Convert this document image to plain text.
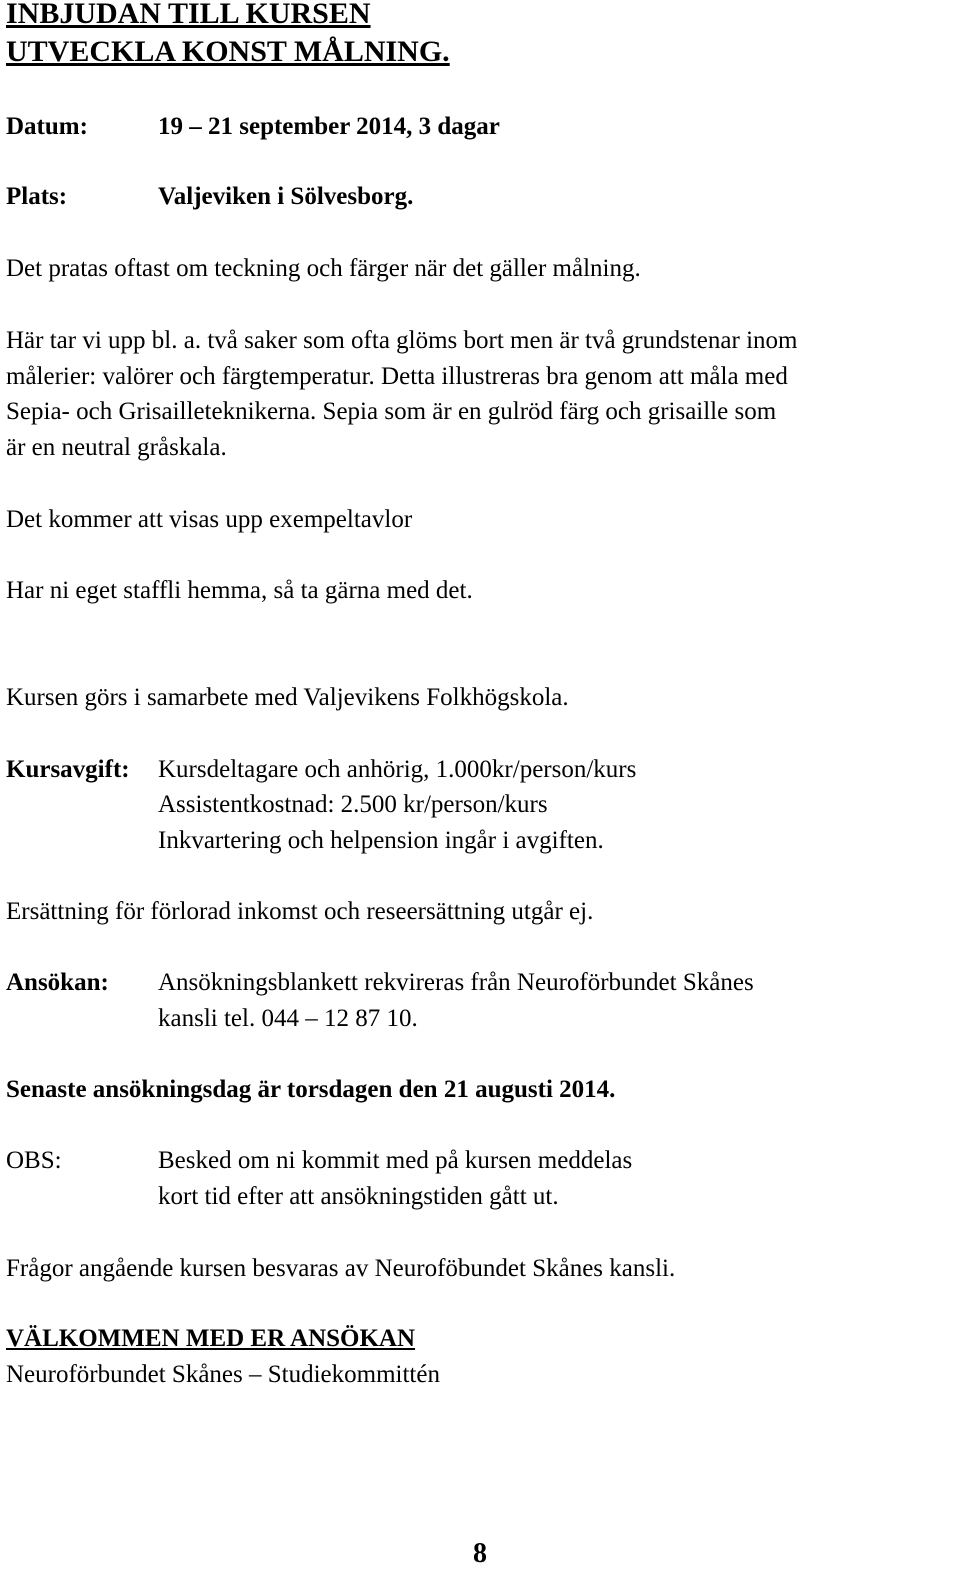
INBJUDAN TILL KURSEN
UTVECKLA KONST MÅLNING.
Datum:	19 – 21 september 2014, 3 dagar
Plats:	Valjeviken i Sölvesborg.
Det pratas oftast om teckning och färger när det gäller målning.
Här tar vi upp bl. a. två saker som ofta glöms bort men är två grundstenar inom
målerier: valörer och färgtemperatur. Detta illustreras bra genom att måla med
Sepia- och Grisailleteknikerna. Sepia som är en gulröd färg och grisaille som
är en neutral gråskala.
Det kommer att visas upp exempeltavlor
Har ni eget staffli hemma, så ta gärna med det.
Kursen görs i samarbete med Valjevikens Folkhögskola.
Kursavgift: Kursdeltagare och anhörig, 1.000kr/person/kurs
Assistentkostnad: 2.500 kr/person/kurs
Inkvartering och helpension ingår i avgiften.
Ersättning för förlorad inkomst och reseersättning utgår ej.
Ansökan: Ansökningsblankett rekvireras från Neuroförbundet Skånes
kansli tel. 044 – 12 87 10.
Senaste ansökningsdag är torsdagen den 21 augusti 2014.
OBS:	Besked om ni kommit med på kursen meddelas
kort tid efter att ansökningstiden gått ut.
Frågor angående kursen besvaras av Neuroföbundet Skånes kansli.
VÄLKOMMEN MED ER ANSÖKAN
Neuroförbundet Skånes – Studiekommittén
8
